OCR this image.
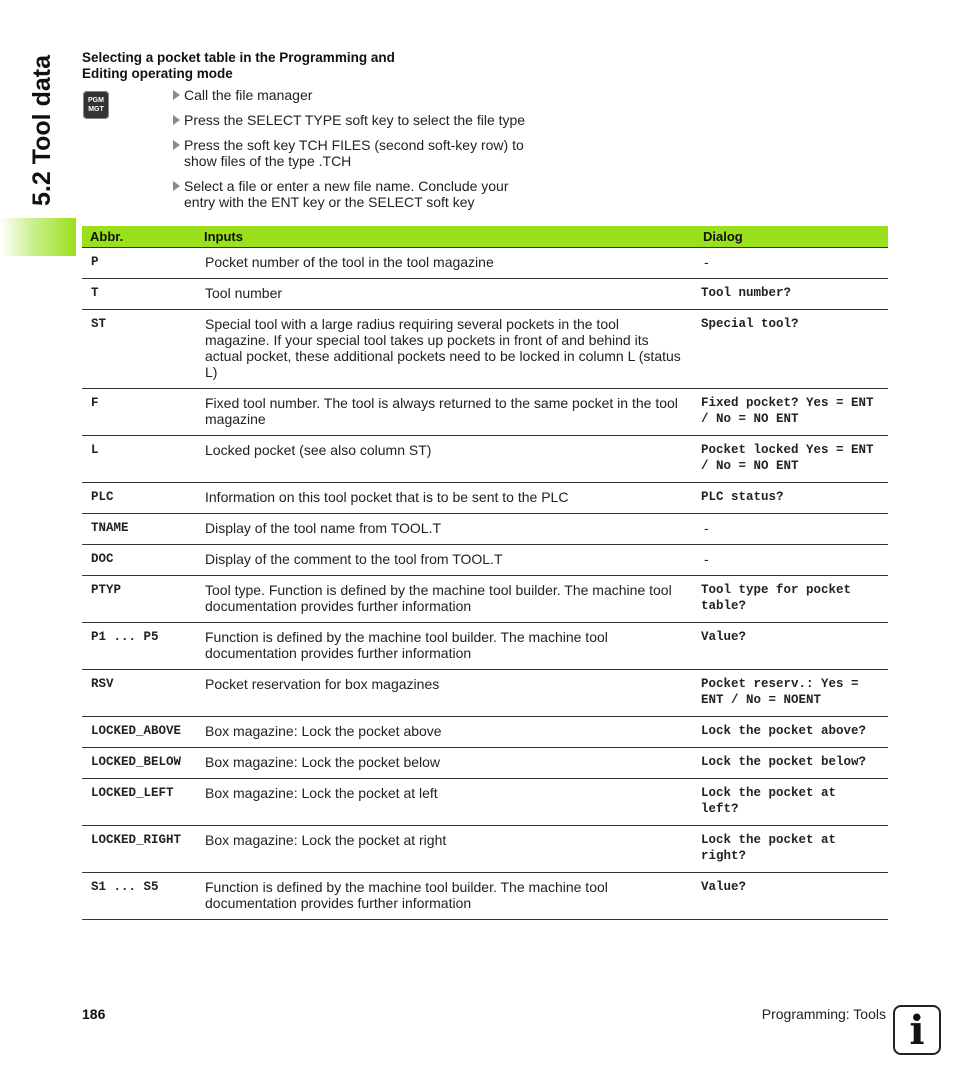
5.2 Tool data Selecting a pocket table in the Programming and
Editing operating mode
PGM
MGT
Call the file manager
Press the SELECT TYPE soft key to select the file type
Press the soft key TCH FILES (second soft-key row) to
show files of the type .TCH
Select a file or enter a new file name. Conclude your
entry with the ENT key or the SELECT soft key
Abbr.	Inputs	Dialog
P	Pocket number of the tool in the tool magazine	-
T	Tool number	Tool number?
ST	Special tool with a large radius requiring several pockets in the tool magazine. If your special tool takes up pockets in front of and behind its actual pocket, these additional pockets need to be locked in column L (status L)	Special tool?
F	Fixed tool number. The tool is always returned to the same pocket in the tool magazine	Fixed pocket? Yes = ENT / No = NO ENT
L	Locked pocket (see also column ST)	Pocket locked Yes = ENT / No = NO ENT
PLC	Information on this tool pocket that is to be sent to the PLC	PLC status?
TNAME	Display of the tool name from TOOL.T	-
DOC	Display of the comment to the tool from TOOL.T	-
PTYP	Tool type. Function is defined by the machine tool builder. The machine tool documentation provides further information	Tool type for pocket table?
P1 ... P5	Function is defined by the machine tool builder. The machine tool documentation provides further information	Value?
RSV	Pocket reservation for box magazines	Pocket reserv.: Yes = ENT / No = NOENT
LOCKED_ABOVE	Box magazine: Lock the pocket above	Lock the pocket above?
LOCKED_BELOW	Box magazine: Lock the pocket below	Lock the pocket below?
LOCKED_LEFT	Box magazine: Lock the pocket at left	Lock the pocket at left?
LOCKED_RIGHT	Box magazine: Lock the pocket at right	Lock the pocket at right?
S1 ... S5	Function is defined by the machine tool builder. The machine tool documentation provides further information	Value?
186	Programming: Tools i
